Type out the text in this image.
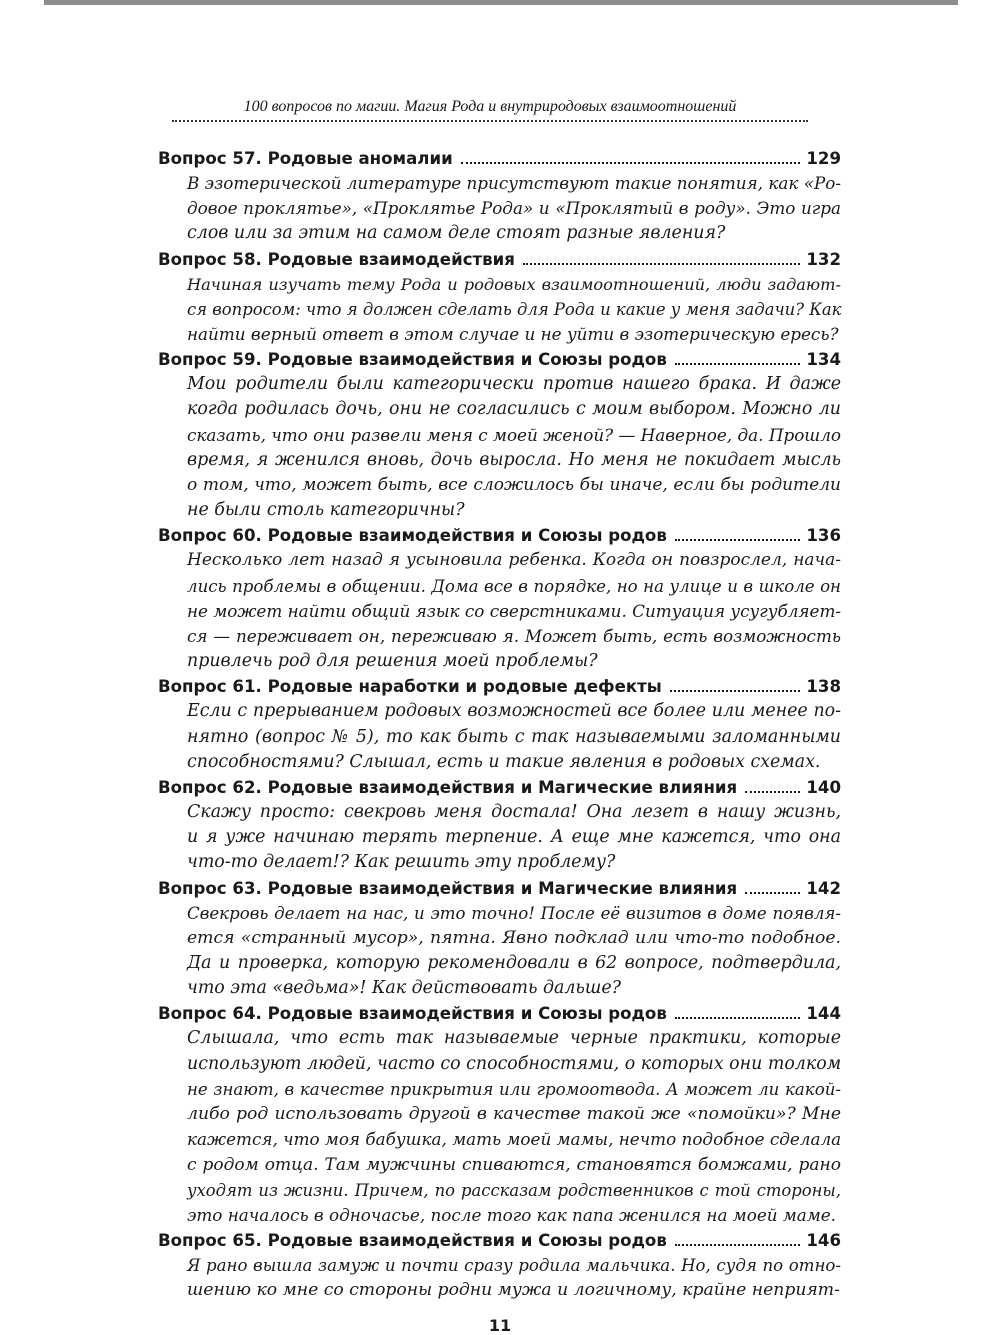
100 вопросов по магии. Магия Рода и внутриродовых взаимоотношений
Вопрос 57. Родовые аномалии	129
В эзотерической литературе присутствуют такие понятия, как «Ро-
довое проклятье», «Проклятье Рода» и «Проклятый в роду». Это игра
слов или за этим на самом деле стоят разные явления?
Вопрос 58. Родовые взаимодействия	132
Начиная изучать тему Рода и родовых взаимоотношений, люди задают-
ся вопросом: что я должен сделать для Рода и какие у меня задачи? Как
найти верный ответ в этом случае и не уйти в эзотерическую ересь?
Вопрос 59. Родовые взаимодействия и Союзы родов	134
Мои родители были категорически против нашего брака. И даже
когда родилась дочь, они не согласились с моим выбором. Можно ли
сказать, что они развели меня с моей женой? — Наверное, да. Прошло
время, я женился вновь, дочь выросла. Но меня не покидает мысль
о том, что, может быть, все сложилось бы иначе, если бы родители
не были столь категоричны?
Вопрос 60. Родовые взаимодействия и Союзы родов	136
Несколько лет назад я усыновила ребенка. Когда он повзрослел, нача-
лись проблемы в общении. Дома все в порядке, но на улице и в школе он
не может найти общий язык со сверстниками. Ситуация усугубляет-
ся — переживает он, переживаю я. Может быть, есть возможность
привлечь род для решения моей проблемы?
Вопрос 61. Родовые наработки и родовые дефекты	138
Если с прерыванием родовых возможностей все более или менее по-
нятно (вопрос № 5), то как быть с так называемыми заломанными
способностями? Слышал, есть и такие явления в родовых схемах.
Вопрос 62. Родовые взаимодействия и Магические влияния	140
Скажу просто: свекровь меня достала! Она лезет в нашу жизнь,
и я уже начинаю терять терпение. А еще мне кажется, что она
что-то делает!? Как решить эту проблему?
Вопрос 63. Родовые взаимодействия и Магические влияния	142
Свекровь делает на нас, и это точно! После её визитов в доме появля-
ется «странный мусор», пятна. Явно подклад или что-то подобное.
Да и проверка, которую рекомендовали в 62 вопросе, подтвердила,
что эта «ведьма»! Как действовать дальше?
Вопрос 64. Родовые взаимодействия и Союзы родов	144
Слышала, что есть так называемые черные практики, которые
используют людей, часто со способностями, о которых они толком
не знают, в качестве прикрытия или громоотвода. А может ли какой-
либо род использовать другой в качестве такой же «помойки»? Мне
кажется, что моя бабушка, мать моей мамы, нечто подобное сделала
с родом отца. Там мужчины спиваются, становятся бомжами, рано
уходят из жизни. Причем, по рассказам родственников с той стороны,
это началось в одночасье, после того как папа женился на моей маме.
Вопрос 65. Родовые взаимодействия и Союзы родов	146
Я рано вышла замуж и почти сразу родила мальчика. Но, судя по отно-
шению ко мне со стороны родни мужа и логичному, крайне неприят-
11
